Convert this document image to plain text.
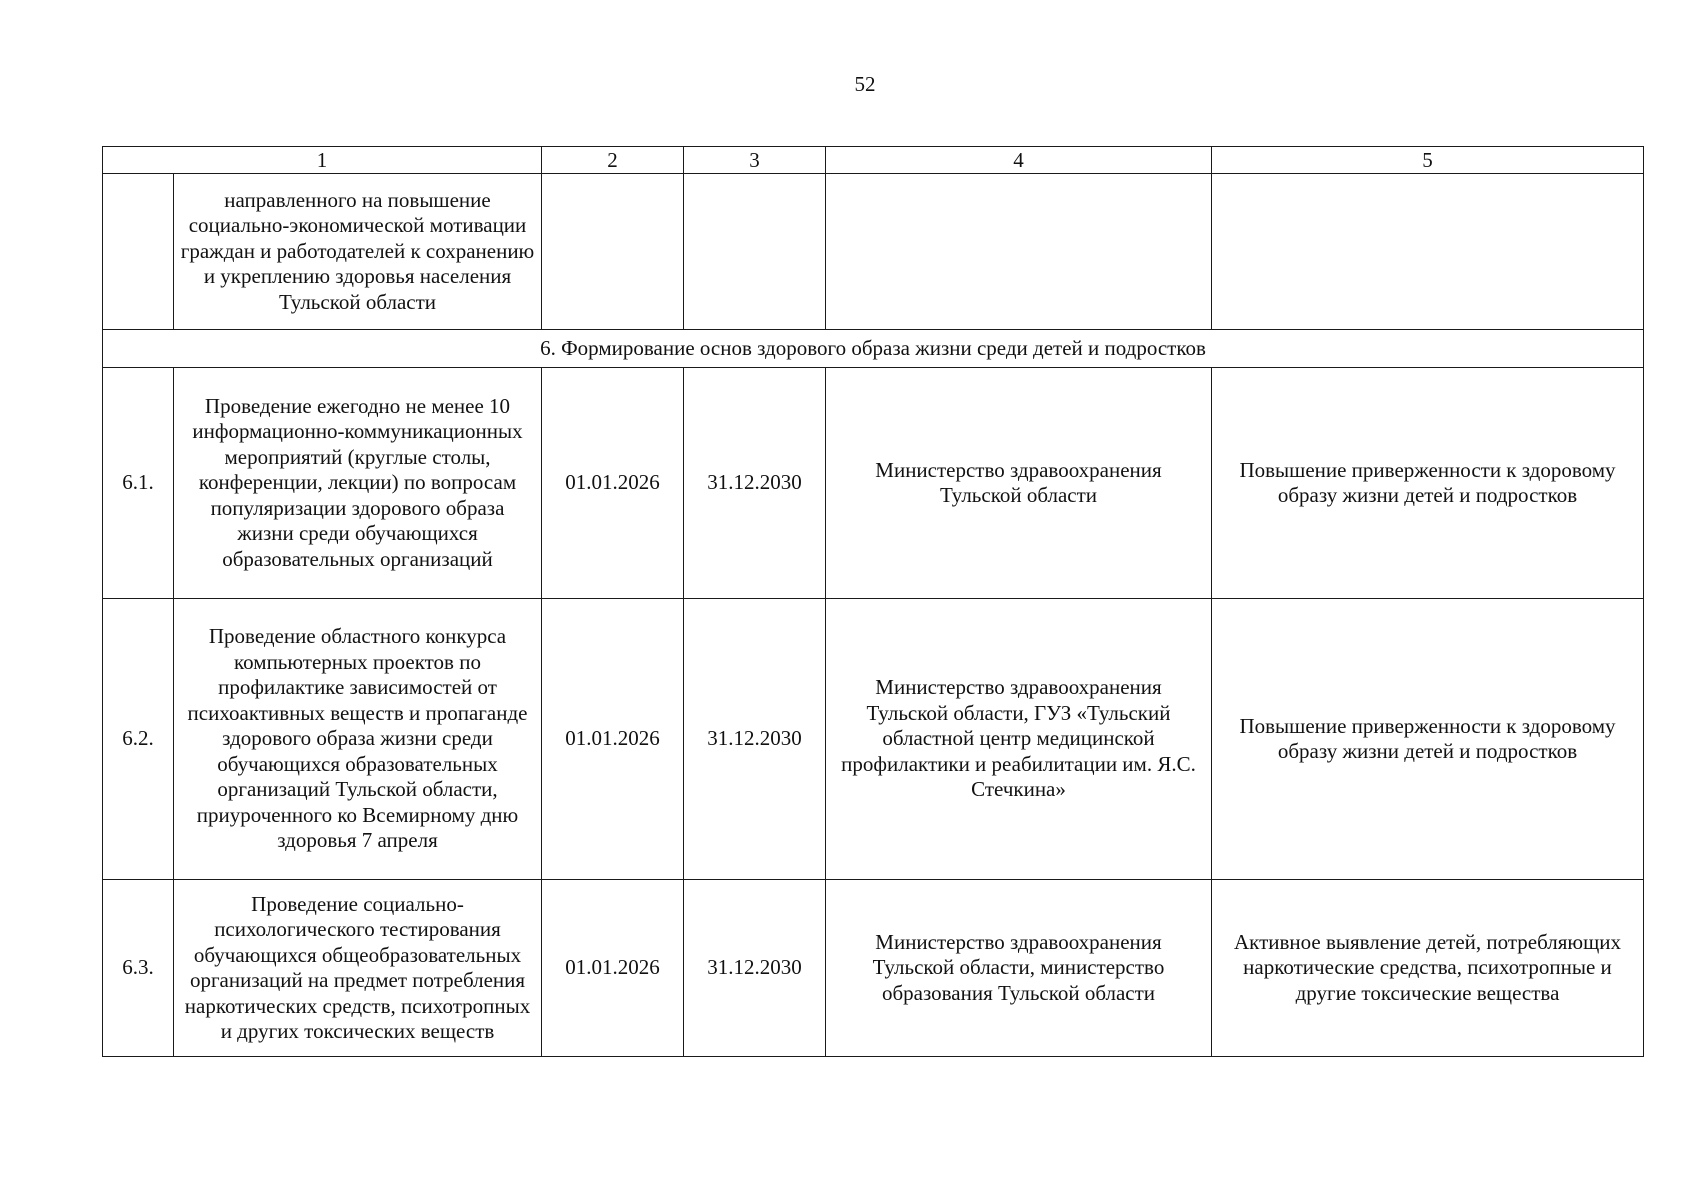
52
1		2	3	4	5
	направленного на повышение социально-экономической мотивации граждан и работодателей к сохранению и укреплению здоровья населения Тульской области				
6. Формирование основ здорового образа жизни среди детей и подростков					
6.1.	Проведение ежегодно не менее 10 информационно-коммуникационных мероприятий (круглые столы, конференции, лекции) по вопросам популяризации здорового образа жизни среди обучающихся образовательных организаций	01.01.2026	31.12.2030	Министерство здравоохранения Тульской области	Повышение приверженности к здоровому образу жизни детей и подростков
6.2.	Проведение областного конкурса компьютерных проектов по профилактике зависимостей от психоактивных веществ и пропаганде здорового образа жизни среди обучающихся образовательных организаций Тульской области, приуроченного ко Всемирному дню здоровья 7 апреля	01.01.2026	31.12.2030	Министерство здравоохранения Тульской области, ГУЗ «Тульский областной центр медицинской профилактики и реабилитации им. Я.С. Стечкина»	Повышение приверженности к здоровому образу жизни детей и подростков
6.3.	Проведение социально-психологического тестирования обучающихся общеобразовательных организаций на предмет потребления наркотических средств, психотропных и других токсических веществ	01.01.2026	31.12.2030	Министерство здравоохранения Тульской области, министерство образования Тульской области	Активное выявление детей, потребляющих наркотические средства, психотропные и другие токсические вещества
